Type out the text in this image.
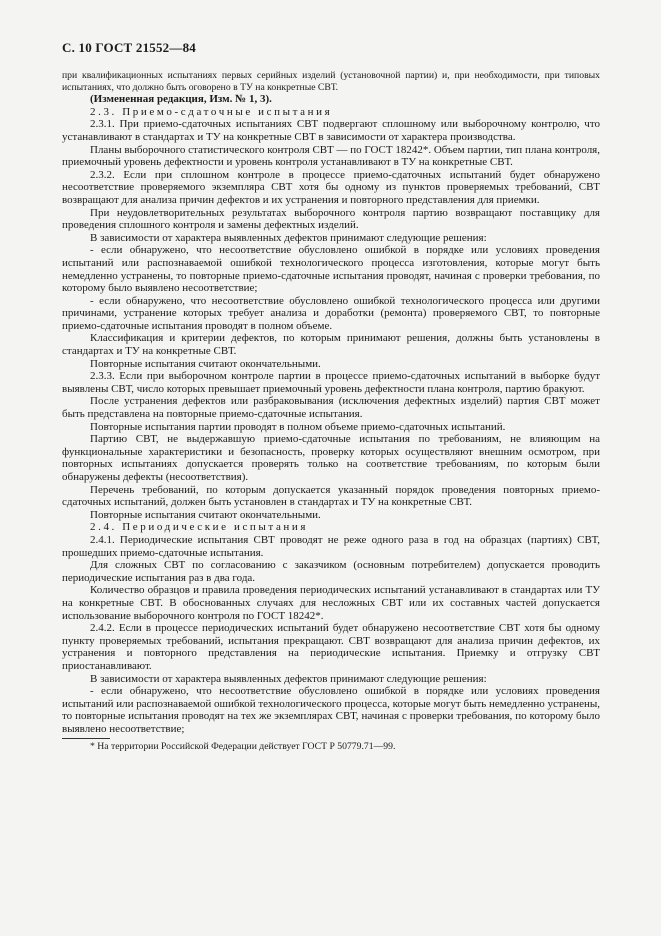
С. 10 ГОСТ 21552—84

при квалификационных испытаниях первых серийных изделий (установочной партии) и, при необходимости, при типовых испытаниях, что должно быть оговорено в ТУ на конкретные СВТ.

(Измененная редакция, Изм. № 1, 3).

2.3. Приемо-сдаточные испытания

2.3.1. При приемо-сдаточных испытаниях СВТ подвергают сплошному или выборочному контролю, что устанавливают в стандартах и ТУ на конкретные СВТ в зависимости от характера производства.

Планы выборочного статистического контроля СВТ — по ГОСТ 18242*. Объем партии, тип плана контроля, приемочный уровень дефектности и уровень контроля устанавливают в ТУ на конкретные СВТ.

2.3.2. Если при сплошном контроле в процессе приемо-сдаточных испытаний будет обнаружено несоответствие проверяемого экземпляра СВТ хотя бы одному из пунктов проверяемых требований, СВТ возвращают для анализа причин дефектов и их устранения и повторного представления для приемки.

При неудовлетворительных результатах выборочного контроля партию возвращают поставщику для проведения сплошного контроля и замены дефектных изделий.

В зависимости от характера выявленных дефектов принимают следующие решения:

- если обнаружено, что несоответствие обусловлено ошибкой в порядке или условиях проведения испытаний или распознаваемой ошибкой технологического процесса изготовления, которые могут быть немедленно устранены, то повторные приемо-сдаточные испытания проводят, начиная с проверки требования, по которому было выявлено несоответствие;

- если обнаружено, что несоответствие обусловлено ошибкой технологического процесса или другими причинами, устранение которых требует анализа и доработки (ремонта) проверяемого СВТ, то повторные приемо-сдаточные испытания проводят в полном объеме.

Классификация и критерии дефектов, по которым принимают решения, должны быть установлены в стандартах и ТУ на конкретные СВТ.

Повторные испытания считают окончательными.

2.3.3. Если при выборочном контроле партии в процессе приемо-сдаточных испытаний в выборке будут выявлены СВТ, число которых превышает приемочный уровень дефектности плана контроля, партию бракуют.

После устранения дефектов или разбраковывания (исключения дефектных изделий) партия СВТ может быть представлена на повторные приемо-сдаточные испытания.

Повторные испытания партии проводят в полном объеме приемо-сдаточных испытаний.

Партию СВТ, не выдержавшую приемо-сдаточные испытания по требованиям, не влияющим на функциональные характеристики и безопасность, проверку которых осуществляют внешним осмотром, при повторных испытаниях допускается проверять только на соответствие требованиям, по которым были обнаружены дефекты (несоответствия).

Перечень требований, по которым допускается указанный порядок проведения повторных приемо-сдаточных испытаний, должен быть установлен в стандартах и ТУ на конкретные СВТ.

Повторные испытания считают окончательными.

2.4. Периодические испытания

2.4.1. Периодические испытания СВТ проводят не реже одного раза в год на образцах (партиях) СВТ, прошедших приемо-сдаточные испытания.

Для сложных СВТ по согласованию с заказчиком (основным потребителем) допускается проводить периодические испытания раз в два года.

Количество образцов и правила проведения периодических испытаний устанавливают в стандартах или ТУ на конкретные СВТ. В обоснованных случаях для несложных СВТ или их составных частей допускается использование выборочного контроля по ГОСТ 18242*.

2.4.2. Если в процессе периодических испытаний будет обнаружено несоответствие СВТ хотя бы одному пункту проверяемых требований, испытания прекращают. СВТ возвращают для анализа причин дефектов, их устранения и повторного представления на периодические испытания. Приемку и отгрузку СВТ приостанавливают.

В зависимости от характера выявленных дефектов принимают следующие решения:

- если обнаружено, что несоответствие обусловлено ошибкой в порядке или условиях проведения испытаний или распознаваемой ошибкой технологического процесса, которые могут быть немедленно устранены, то повторные испытания проводят на тех же экземплярах СВТ, начиная с проверки требования, по которому было выявлено несоответствие;

* На территории Российской Федерации действует ГОСТ Р 50779.71—99.
